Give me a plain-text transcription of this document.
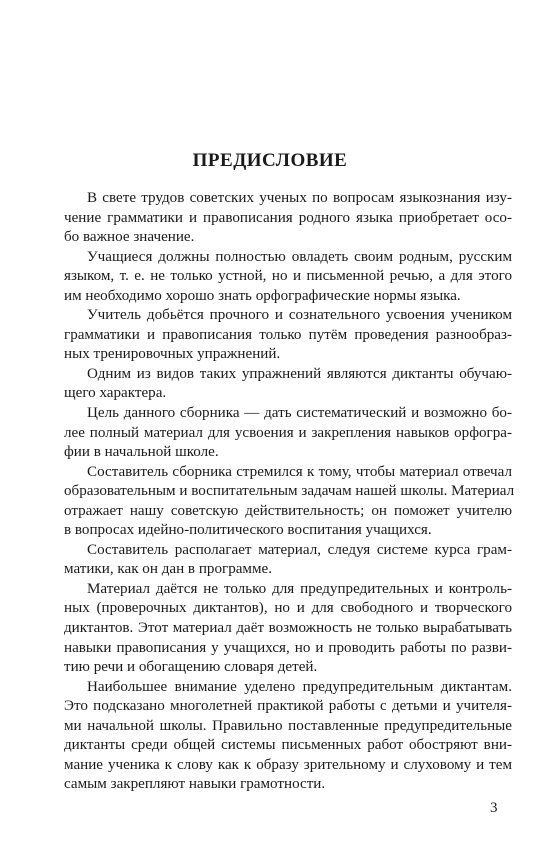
ПРЕДИСЛОВИЕ
В свете трудов советских ученых по вопросам языкознания изу-
чение грамматики и правописания родного языка приобретает осо-
бо важное значение.
Учащиеся должны полностью овладеть своим родным, русским
языком, т. е. не только устной, но и письменной речью, а для этого
им необходимо хорошо знать орфографические нормы языка.
Учитель добьётся прочного и сознательного усвоения учеником
грамматики и правописания только путём проведения разнообраз-
ных тренировочных упражнений.
Одним из видов таких упражнений являются диктанты обучаю-
щего характера.
Цель данного сборника — дать систематический и возможно бо-
лее полный материал для усвоения и закрепления навыков орфогра-
фии в начальной школе.
Составитель сборника стремился к тому, чтобы материал отвечал
образовательным и воспитательным задачам нашей школы. Материал
отражает нашу советскую действительность; он поможет учителю
в вопросах идейно-политического воспитания учащихся.
Составитель располагает материал, следуя системе курса грам-
матики, как он дан в программе.
Материал даётся не только для предупредительных и контроль-
ных (проверочных диктантов), но и для свободного и творческого
диктантов. Этот материал даёт возможность не только вырабатывать
навыки правописания у учащихся, но и проводить работы по разви-
тию речи и обогащению словаря детей.
Наибольшее внимание уделено предупредительным диктантам.
Это подсказано многолетней практикой работы с детьми и учителя-
ми начальной школы. Правильно поставленные предупредительные
диктанты среди общей системы письменных работ обостряют вни-
мание ученика к слову как к образу зрительному и слуховому и тем
самым закрепляют навыки грамотности.
3
